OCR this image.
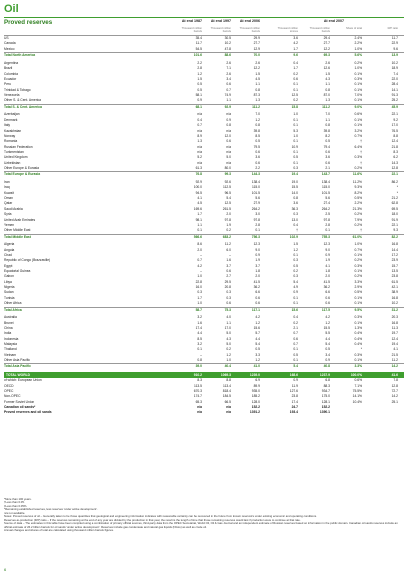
Oil
Proved reserves	At end 1987	At end 1997	At end 2006	At end 2007
Thousand million barrels
Thousand million barrels
Thousand million barrels
Thousand million tonnes
Thousand million barrels
Share of total	R/P ratio
US	35.4	30.5	29.9	3.6	29.4	2.4%	11.7
Canada	11.7	10.2	27.7	4.2	27.7	2.2%	22.9
Mexico	54.5	47.8	12.9	1.7	12.2	1.0%	9.6
Total North America	101.6	88.6	70.0	9.6	69.3	5.6%	13.9
Argentina	2.2	2.6	2.6	0.4	2.6	0.2%	10.2
Brazil	2.8	7.1	12.2	1.7	12.6	1.0%	18.9
Colombia	1.2	2.6	1.5	0.2	1.5	0.1%	7.4
Ecuador	1.5	3.4	4.5	0.6	4.3	0.3%	22.0
Peru	0.5	0.6	1.1	0.1	1.1	0.1%	28.4
Trinidad & Tobago	0.5	0.7	0.8	0.1	0.8	0.1%	14.1
Venezuela	58.1	74.9	87.3	12.5	87.0	7.0%	91.3
Other S. & Cent. America	0.9	1.1	1.3	0.2	1.3	0.1%	25.2
Total S. & Cent. America	68.1	92.9	111.2	15.8	111.2	9.0%	45.9
Azerbaijan	n/a	n/a	7.0	1.0	7.0	0.6%	22.1
Denmark	0.4	0.9	1.2	0.1	1.1	0.1%	9.2
Italy	0.7	0.8	0.8	0.1	0.8	0.1%	17.0
Kazakhstan	n/a	n/a	39.8	5.3	39.8	3.2%	76.5
Norway	8.9	12.0	8.5	1.0	8.2	0.7%	8.8
Romania	1.3	0.6	0.5	0.1	0.5	†	12.4
Russian Federation	n/a	n/a	79.5	10.9	79.4	6.4%	21.8
Turkmenistan	n/a	n/a	0.6	0.1	0.6	†	8.3
United Kingdom	5.2	5.0	3.6	0.5	3.6	0.3%	6.2
Uzbekistan	n/a	n/a	0.6	0.1	0.6	†	14.3
Other Europe & Eurasia	61.3	80.0	2.2	0.3	2.1	0.2%	12.8
Total Europe & Eurasia	76.8	99.3	144.3	19.4	143.7	11.6%	22.1
Iran	92.9	92.6	138.4	19.0	138.4	11.2%	86.2
Iraq	100.0	112.5	115.0	15.5	115.0	9.3%	*
Kuwait	94.5	96.5	101.5	14.0	101.5	8.2%	*
Oman	4.1	5.4	5.6	0.8	5.6	0.5%	21.2
Qatar	4.5	12.5	27.9	3.6	27.4	2.2%	62.8
Saudi Arabia	169.6	261.5	264.2	36.3	264.2	21.3%	69.5
Syria	1.7	2.0	3.0	0.3	2.5	0.2%	18.0
United Arab Emirates	98.1	97.8	97.8	13.0	97.8	7.9%	91.9
Yemen	1.1	1.9	2.8	0.4	2.8	0.2%	22.1
Other Middle East	0.1	0.2	0.1	†	0.1	†	9.3
Total Middle East	566.6	683.2	756.3	102.9	755.3	61.0%	82.2
Algeria	8.6	11.2	12.3	1.5	12.3	1.0%	16.8
Angola	2.0	6.0	9.0	1.2	9.0	0.7%	14.4
Chad	–	–	0.9	0.1	0.9	0.1%	17.2
Republic of Congo (Brazzaville)	0.7	1.6	1.9	0.3	1.9	0.2%	23.9
Egypt	4.2	3.7	3.7	0.5	4.1	0.3%	15.7
Equatorial Guinea	–	0.6	1.8	0.2	1.8	0.1%	13.5
Gabon	1.0	2.7	2.0	0.3	2.0	0.2%	23.8
Libya	22.8	29.5	41.5	5.4	41.5	3.3%	61.5
Nigeria	16.0	20.8	36.2	4.9	36.2	2.9%	42.1
Sudan	0.3	0.3	6.6	0.9	6.6	0.5%	38.9
Tunisia	1.7	0.3	0.6	0.1	0.6	0.1%	16.8
Other Africa	1.0	0.6	0.6	0.1	0.6	0.1%	10.2
Total Africa	58.7	75.3	117.1	15.6	117.5	9.5%	31.2
Australia	3.2	4.0	4.2	0.4	4.2	0.3%	20.3
Brunei	1.6	1.1	1.2	0.2	1.2	0.1%	16.8
China	17.4	17.0	15.6	2.1	15.5	1.3%	11.3
India	4.4	5.0	5.7	0.7	5.5	0.4%	19.7
Indonesia	8.5	4.3	4.4	0.6	4.4	0.4%	12.4
Malaysia	3.2	5.0	5.4	0.7	5.4	0.4%	19.4
Thailand	0.1	0.2	0.5	0.1	0.5	*	4.1
Vietnam	–	1.2	3.3	0.5	3.4	0.3%	21.5
Other Asia Pacific	0.8	1.0	1.2	0.1	0.9	0.1%	11.2
Total Asia Pacific	39.0	40.4	41.0	5.4	40.8	3.3%	14.2
TOTAL WORLD	910.2	1069.3	1239.0	168.6	1237.9	100.0%	41.6
of which: European Union	8.3	8.8	6.9	0.9	6.8	0.6%	7.8
OECD	113.5	113.4	89.9	11.9	88.3	7.1%	12.8
OPEC	670.3	818.4	935.0	127.6	934.7	75.5%	72.7
Non-OPEC	174.7	184.5	185.2	23.8	175.0	14.1%	14.2
Former Soviet Union	65.3	66.5	128.0	17.4	128.1	10.4%	25.1
Canadian oil sands*	n/a	n/a	152.2	24.7	152.2
Proved reserves and oil sands	n/a	n/a	1391.2	193.4	1390.1
*More than 100 years.
†Less than 0.05.
‡Less than 0.05%.
*Remaining established reserves, less reserves 'under active development'.
n/a not available.
Notes: Proved reserves of oil – Generally taken to be those quantities that geological and engineering information indicates with reasonable certainty can be recovered in the future from known reservoirs under existing economic and operating conditions.
Reserves-to-production (R/P) ratio – If the reserves remaining at the end of any year are divided by the production in that year, the result is the length of time that those remaining reserves would last if production were to continue at that rate.
Source of data – The estimates in this table have been compiled using a combination of primary official sources, third-party data from the OPEC Secretariat, World Oil, Oil & Gas Journal and an independent estimate of Russian reserves based on information in the public domain. Canadian oil sands reserves include an official estimate of 26.2 billion barrels for oil sands 'under active development'. Reserves include gas condensate and natural gas liquids (NGLs) as well as crude oil.
Annual changes and shares of total are calculated using thousand million barrels figures.
6
